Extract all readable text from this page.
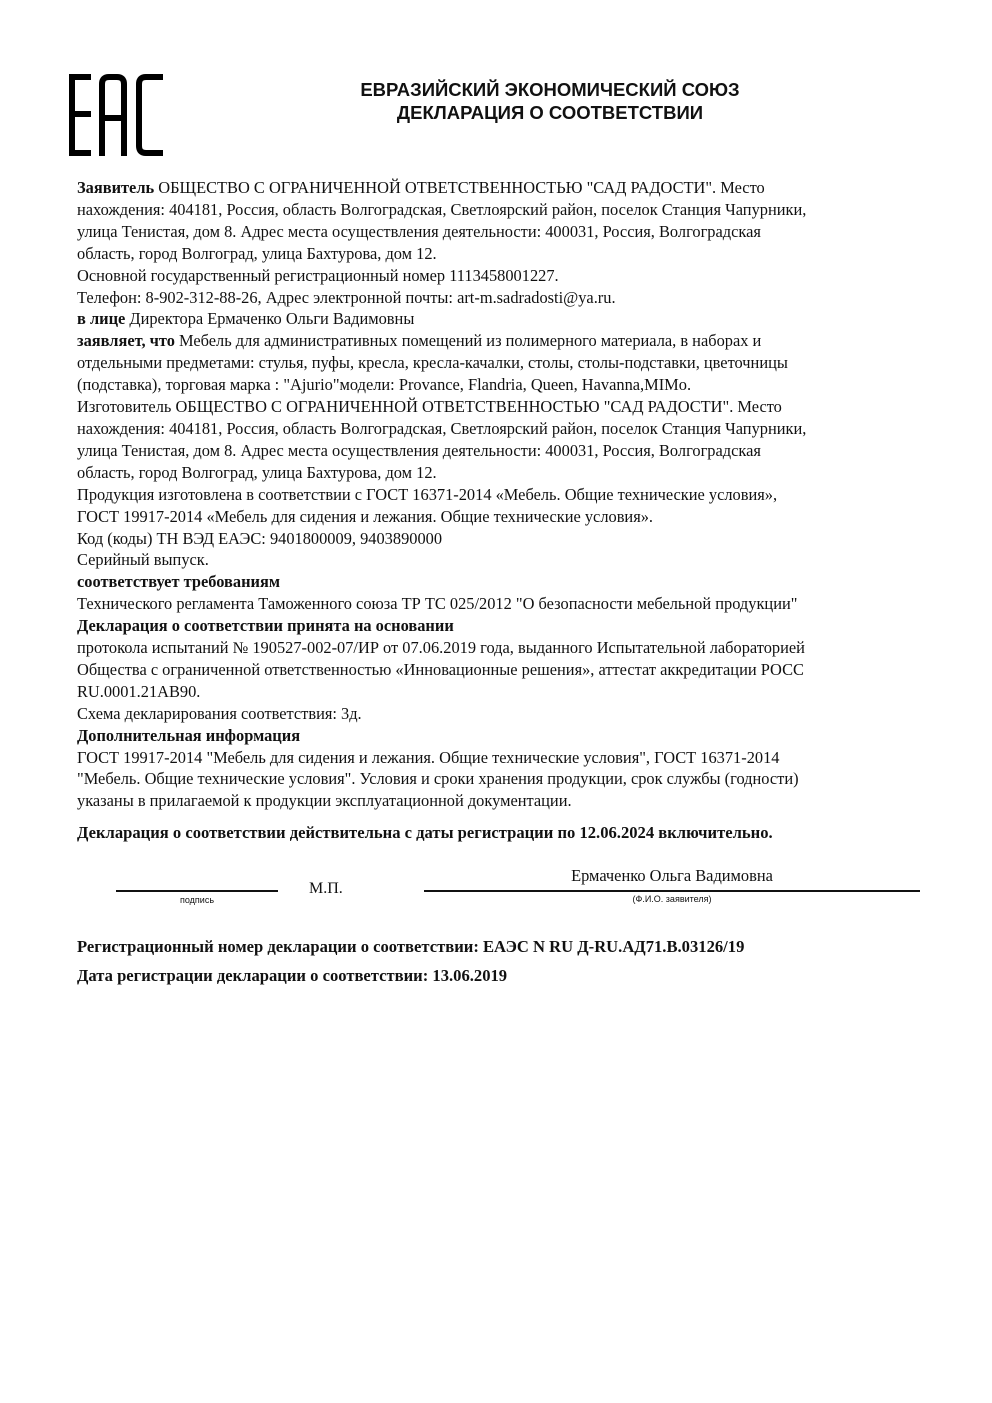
ЕВРАЗИЙСКИЙ ЭКОНОМИЧЕСКИЙ СОЮЗ
ДЕКЛАРАЦИЯ О СООТВЕТСТВИИ

Заявитель ОБЩЕСТВО С ОГРАНИЧЕННОЙ ОТВЕТСТВЕННОСТЬЮ "САД РАДОСТИ". Место

нахождения: 404181, Россия, область Волгоградская, Светлоярский район, поселок Станция Чапурники,

улица Тенистая, дом 8. Адрес места осуществления деятельности: 400031, Россия, Волгоградская

область, город Волгоград, улица Бахтурова, дом 12.

Основной государственный регистрационный номер 1113458001227.

Телефон: 8-902-312-88-26, Адрес электронной почты: art-m.sadradosti@ya.ru.

в лице Директора Ермаченко Ольги Вадимовны

заявляет, что Мебель для административных помещений из полимерного материала, в наборах и

отдельными предметами: стулья, пуфы, кресла, кресла-качалки, столы, столы-подставки, цветочницы

(подставка), торговая марка : "Ajurio"модели: Provance, Flandria, Queen, Havanna,MIMo.

Изготовитель ОБЩЕСТВО С ОГРАНИЧЕННОЙ ОТВЕТСТВЕННОСТЬЮ "САД РАДОСТИ". Место

нахождения: 404181, Россия, область Волгоградская, Светлоярский район, поселок Станция Чапурники,

улица Тенистая, дом 8. Адрес места осуществления деятельности: 400031, Россия, Волгоградская

область, город Волгоград, улица Бахтурова, дом 12.

Продукция изготовлена в соответствии с ГОСТ 16371-2014 «Мебель. Общие технические условия»,

ГОСТ 19917-2014 «Мебель для сидения и лежания. Общие технические условия».

Код (коды) ТН ВЭД ЕАЭС: 9401800009, 9403890000

Серийный выпуск.

соответствует требованиям

Технического регламента Таможенного союза ТР ТС 025/2012 "О безопасности мебельной продукции"

Декларация о соответствии принята на основании

протокола испытаний № 190527-002-07/ИР от 07.06.2019 года, выданного Испытательной лабораторией

Общества с ограниченной ответственностью «Инновационные решения», аттестат аккредитации РОСС

RU.0001.21AB90.

Схема декларирования соответствия: 3д.

Дополнительная информация

ГОСТ 19917-2014 "Мебель для сидения и лежания. Общие технические условия", ГОСТ 16371-2014

"Мебель. Общие технические условия". Условия и сроки хранения продукции, срок службы (годности)

указаны в прилагаемой к продукции эксплуатационной документации.

Декларация о соответствии действительна с даты регистрации по 12.06.2024 включительно.
подпись
М.П.
Ермаченко Ольга Вадимовна
(Ф.И.О. заявителя)
Регистрационный номер декларации о соответствии: ЕАЭС N RU Д-RU.АД71.В.03126/19
Дата регистрации декларации о соответствии: 13.06.2019
